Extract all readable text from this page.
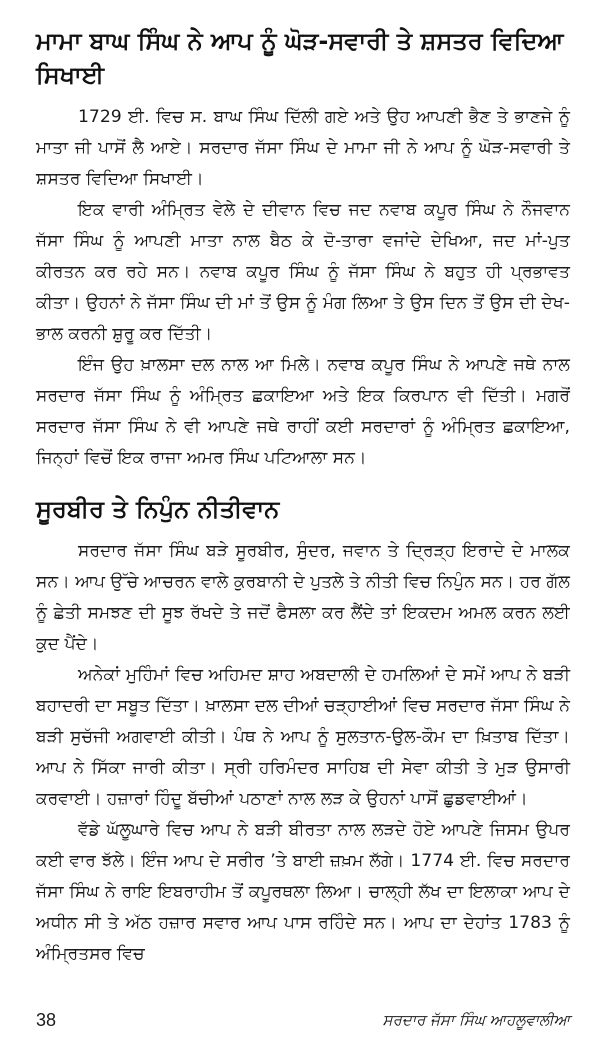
ਮਾਮਾ ਬਾਘ ਸਿੰਘ ਨੇ ਆਪ ਨੂੰ ਘੋੜ-ਸਵਾਰੀ ਤੇ ਸ਼ਸਤਰ ਵਿਦਿਆ ਸਿਖਾਈ

1729 ਈ. ਵਿਚ ਸ. ਬਾਘ ਸਿੰਘ ਦਿੱਲੀ ਗਏ ਅਤੇ ਉਹ ਆਪਣੀ ਭੈਣ ਤੇ ਭਾਣਜੇ ਨੂੰ ਮਾਤਾ ਜੀ ਪਾਸੋਂ ਲੈ ਆਏ। ਸਰਦਾਰ ਜੱਸਾ ਸਿੰਘ ਦੇ ਮਾਮਾ ਜੀ ਨੇ ਆਪ ਨੂੰ ਘੋੜ-ਸਵਾਰੀ ਤੇ ਸ਼ਸਤਰ ਵਿਦਿਆ ਸਿਖਾਈ।

ਇਕ ਵਾਰੀ ਅੰਮ੍ਰਿਤ ਵੇਲੇ ਦੇ ਦੀਵਾਨ ਵਿਚ ਜਦ ਨਵਾਬ ਕਪੂਰ ਸਿੰਘ ਨੇ ਨੌਜਵਾਨ ਜੱਸਾ ਸਿੰਘ ਨੂੰ ਆਪਣੀ ਮਾਤਾ ਨਾਲ ਬੈਠ ਕੇ ਦੋ-ਤਾਰਾ ਵਜਾਂਦੇ ਦੇਖਿਆ, ਜਦ ਮਾਂ-ਪੁਤ ਕੀਰਤਨ ਕਰ ਰਹੇ ਸਨ। ਨਵਾਬ ਕਪੂਰ ਸਿੰਘ ਨੂੰ ਜੱਸਾ ਸਿੰਘ ਨੇ ਬਹੁਤ ਹੀ ਪ੍ਰਭਾਵਤ ਕੀਤਾ। ਉਹਨਾਂ ਨੇ ਜੱਸਾ ਸਿੰਘ ਦੀ ਮਾਂ ਤੋਂ ਉਸ ਨੂੰ ਮੰਗ ਲਿਆ ਤੇ ਉਸ ਦਿਨ ਤੋਂ ਉਸ ਦੀ ਦੇਖ-ਭਾਲ ਕਰਨੀ ਸ਼ੁਰੂ ਕਰ ਦਿੱਤੀ।

ਇੰਜ ਉਹ ਖ਼ਾਲਸਾ ਦਲ ਨਾਲ ਆ ਮਿਲੇ। ਨਵਾਬ ਕਪੂਰ ਸਿੰਘ ਨੇ ਆਪਣੇ ਜਥੇ ਨਾਲ ਸਰਦਾਰ ਜੱਸਾ ਸਿੰਘ ਨੂੰ ਅੰਮ੍ਰਿਤ ਛਕਾਇਆ ਅਤੇ ਇਕ ਕਿਰਪਾਨ ਵੀ ਦਿੱਤੀ। ਮਗਰੋਂ ਸਰਦਾਰ ਜੱਸਾ ਸਿੰਘ ਨੇ ਵੀ ਆਪਣੇ ਜਥੇ ਰਾਹੀਂ ਕਈ ਸਰਦਾਰਾਂ ਨੂੰ ਅੰਮ੍ਰਿਤ ਛਕਾਇਆ, ਜਿਨ੍ਹਾਂ ਵਿਚੋਂ ਇਕ ਰਾਜਾ ਅਮਰ ਸਿੰਘ ਪਟਿਆਲਾ ਸਨ।

ਸੂਰਬੀਰ ਤੇ ਨਿਪੁੰਨ ਨੀਤੀਵਾਨ

ਸਰਦਾਰ ਜੱਸਾ ਸਿੰਘ ਬੜੇ ਸੂਰਬੀਰ, ਸੁੰਦਰ, ਜਵਾਨ ਤੇ ਦ੍ਰਿੜ੍ਹ ਇਰਾਦੇ ਦੇ ਮਾਲਕ ਸਨ। ਆਪ ਉੱਚੇ ਆਚਰਨ ਵਾਲੇ ਕੁਰਬਾਨੀ ਦੇ ਪੁਤਲੇ ਤੇ ਨੀਤੀ ਵਿਚ ਨਿਪੁੰਨ ਸਨ। ਹਰ ਗੱਲ ਨੂੰ ਛੇਤੀ ਸਮਝਣ ਦੀ ਸੂਝ ਰੱਖਦੇ ਤੇ ਜਦੋਂ ਫੈਸਲਾ ਕਰ ਲੈਂਦੇ ਤਾਂ ਇਕਦਮ ਅਮਲ ਕਰਨ ਲਈ ਕੁਦ ਪੈਂਦੇ।

ਅਨੇਕਾਂ ਮੁਹਿੰਮਾਂ ਵਿਚ ਅਹਿਮਦ ਸ਼ਾਹ ਅਬਦਾਲੀ ਦੇ ਹਮਲਿਆਂ ਦੇ ਸਮੇਂ ਆਪ ਨੇ ਬੜੀ ਬਹਾਦਰੀ ਦਾ ਸਬੂਤ ਦਿੱਤਾ। ਖ਼ਾਲਸਾ ਦਲ ਦੀਆਂ ਚੜ੍ਹਾਈਆਂ ਵਿਚ ਸਰਦਾਰ ਜੱਸਾ ਸਿੰਘ ਨੇ ਬੜੀ ਸੁਚੱਜੀ ਅਗਵਾਈ ਕੀਤੀ। ਪੰਥ ਨੇ ਆਪ ਨੂੰ ਸੁਲਤਾਨ-ਉਲ-ਕੌਮ ਦਾ ਖ਼ਿਤਾਬ ਦਿੱਤਾ। ਆਪ ਨੇ ਸਿੱਕਾ ਜਾਰੀ ਕੀਤਾ। ਸ੍ਰੀ ਹਰਿਮੰਦਰ ਸਾਹਿਬ ਦੀ ਸੇਵਾ ਕੀਤੀ ਤੇ ਮੁੜ ਉਸਾਰੀ ਕਰਵਾਈ। ਹਜ਼ਾਰਾਂ ਹਿੰਦੂ ਬੱਚੀਆਂ ਪਠਾਣਾਂ ਨਾਲ ਲੜ ਕੇ ਉਹਨਾਂ ਪਾਸੋਂ ਛੁਡਵਾਈਆਂ।

ਵੱਡੇ ਘੱਲੂਘਾਰੇ ਵਿਚ ਆਪ ਨੇ ਬੜੀ ਬੀਰਤਾ ਨਾਲ ਲੜਦੇ ਹੋਏ ਆਪਣੇ ਜਿਸਮ ਉਪਰ ਕਈ ਵਾਰ ਝੱਲੇ। ਇੰਜ ਆਪ ਦੇ ਸਰੀਰ ’ਤੇ ਬਾਈ ਜ਼ਖ਼ਮ ਲੱਗੇ। 1774 ਈ. ਵਿਚ ਸਰਦਾਰ ਜੱਸਾ ਸਿੰਘ ਨੇ ਰਾਇ ਇਬਰਾਹੀਮ ਤੋਂ ਕਪੂਰਥਲਾ ਲਿਆ। ਚਾਲ੍ਹੀ ਲੱਖ ਦਾ ਇਲਾਕਾ ਆਪ ਦੇ ਅਧੀਨ ਸੀ ਤੇ ਅੱਠ ਹਜ਼ਾਰ ਸਵਾਰ ਆਪ ਪਾਸ ਰਹਿੰਦੇ ਸਨ। ਆਪ ਦਾ ਦੇਹਾਂਤ 1783 ਨੂੰ ਅੰਮ੍ਰਿਤਸਰ ਵਿਚ

38	ਸਰਦਾਰ ਜੱਸਾ ਸਿੰਘ ਆਹਲੂਵਾਲੀਆ
